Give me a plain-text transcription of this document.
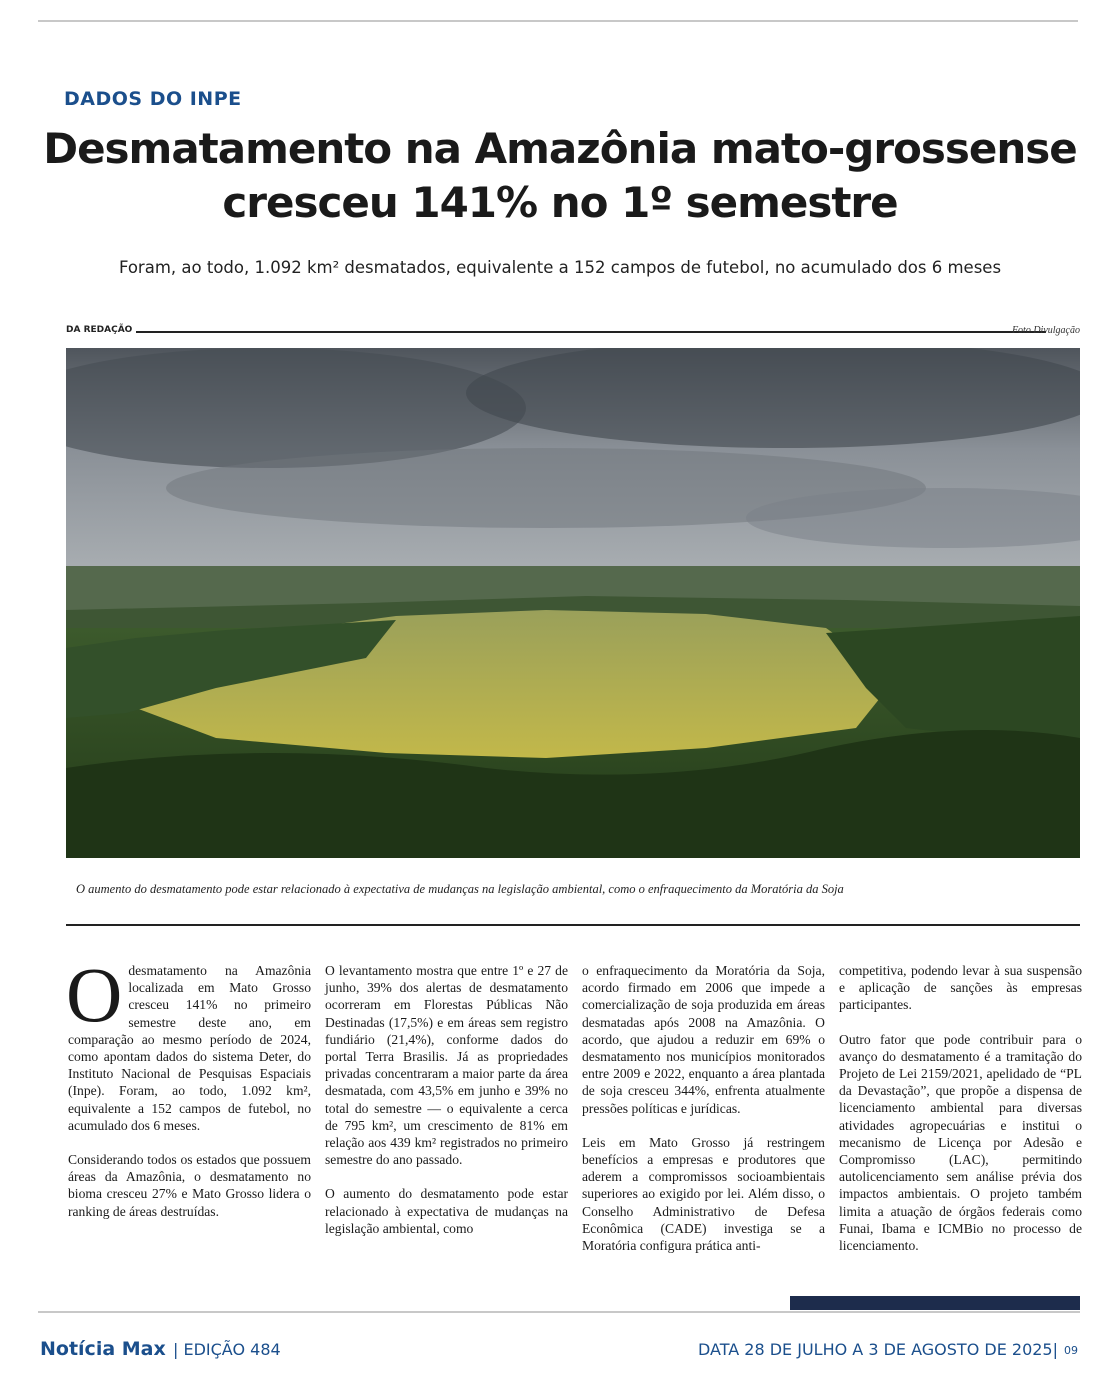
DADOS DO INPE
Desmatamento na Amazônia mato-grossense
cresceu 141% no 1º semestre
Foram, ao todo, 1.092 km² desmatados, equivalente a 152 campos de futebol, no acumulado dos 6 meses
DA REDAÇÃO	Foto Divulgação
O aumento do desmatamento pode estar relacionado à expectativa de mudanças na legislação ambiental, como o enfraquecimento da Moratória da Soja

Odesmatamento na Amazônia localizada em Mato Grosso cresceu 141% no primeiro semestre deste ano, em comparação ao mesmo período de 2024, como apontam dados do sistema Deter, do Instituto Nacional de Pesquisas Espaciais (Inpe). Foram, ao todo, 1.092 km², equivalente a 152 campos de futebol, no acumulado dos 6 meses.

Considerando todos os estados que possuem áreas da Amazônia, o desmatamento no bioma cresceu 27% e Mato Grosso lidera o ranking de áreas destruídas.

O levantamento mostra que entre 1º e 27 de junho, 39% dos alertas de desmatamento ocorreram em Florestas Públicas Não Destinadas (17,5%) e em áreas sem registro fundiário (21,4%), conforme dados do portal Terra Brasilis. Já as propriedades privadas concentraram a maior parte da área desmatada, com 43,5% em junho e 39% no total do semestre — o equivalente a cerca de 795 km², um crescimento de 81% em relação aos 439 km² registrados no primeiro semestre do ano passado.

O aumento do desmatamento pode estar relacionado à expectativa de mudanças na legislação ambiental, como

o enfraquecimento da Moratória da Soja, acordo firmado em 2006 que impede a comercialização de soja produzida em áreas desmatadas após 2008 na Amazônia. O acordo, que ajudou a reduzir em 69% o desmatamento nos municípios monitorados entre 2009 e 2022, enquanto a área plantada de soja cresceu 344%, enfrenta atualmente pressões políticas e jurídicas.

Leis em Mato Grosso já restringem benefícios a empresas e produtores que aderem a compromissos socioambientais superiores ao exigido por lei. Além disso, o Conselho Administrativo de Defesa Econômica (CADE) investiga se a Moratória configura prática anti-

competitiva, podendo levar à sua suspensão e aplicação de sanções às empresas participantes.

Outro fator que pode contribuir para o avanço do desmatamento é a tramitação do Projeto de Lei 2159/2021, apelidado de “PL da Devastação”, que propõe a dispensa de licenciamento ambiental para diversas atividades agropecuárias e institui o mecanismo de Licença por Adesão e Compromisso (LAC), permitindo autolicenciamento sem análise prévia dos impactos ambientais. O projeto também limita a atuação de órgãos federais como Funai, Ibama e ICMBio no processo de licenciamento.

Notícia Max | EDIÇÃO 484	DATA 28 DE JULHO A 3 DE AGOSTO DE 2025| 09
